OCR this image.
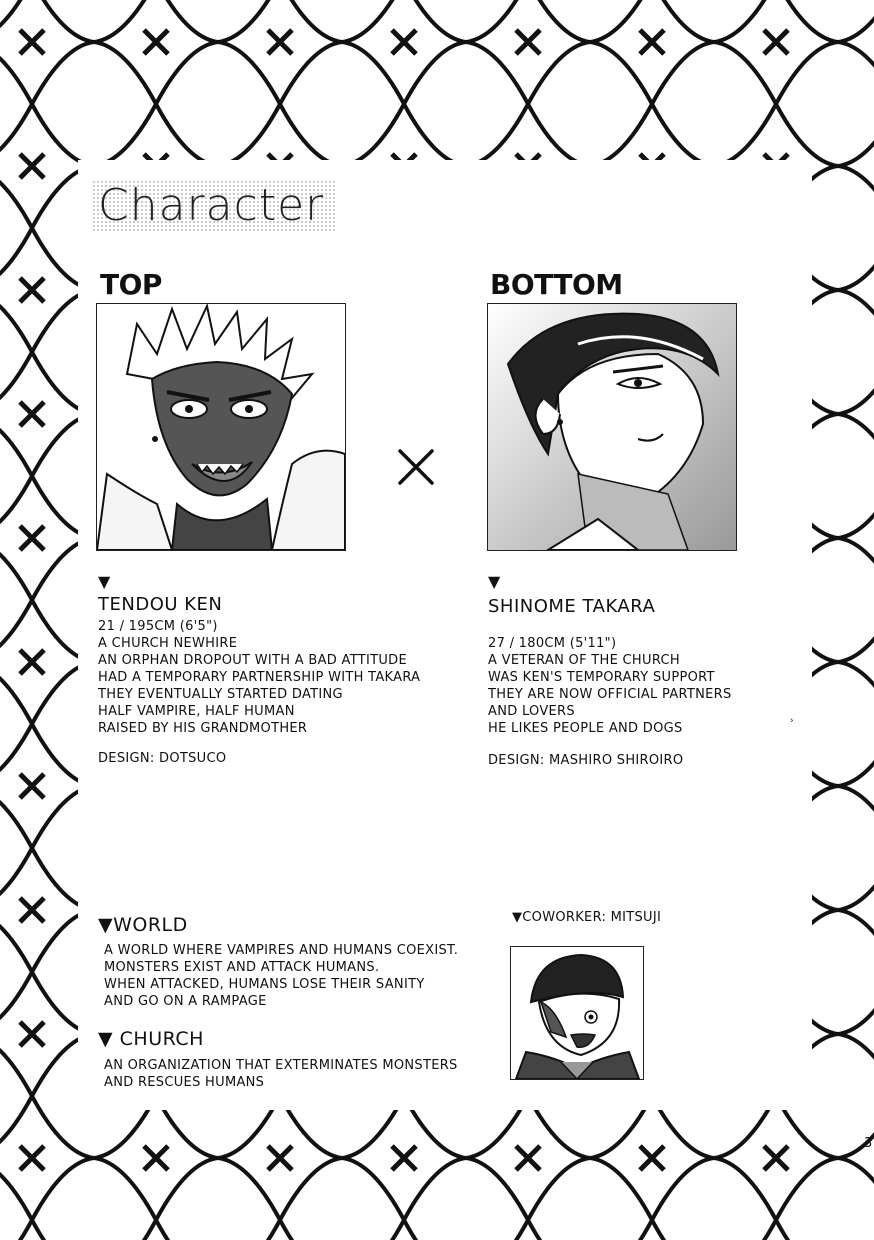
Character
TOP	BOTTOM
▼
TENDOU KEN
21 / 195CM (6'5")
A CHURCH NEWHIRE
AN ORPHAN DROPOUT WITH A BAD ATTITUDE
HAD A TEMPORARY PARTNERSHIP WITH TAKARA
THEY EVENTUALLY STARTED DATING
HALF VAMPIRE, HALF HUMAN
RAISED BY HIS GRANDMOTHER
DESIGN: DOTSUCO
▼
SHINOME TAKARA
27 / 180CM (5'11")
A VETERAN OF THE CHURCH
WAS KEN'S TEMPORARY SUPPORT
THEY ARE NOW OFFICIAL PARTNERS
AND LOVERS
HE LIKES PEOPLE AND DOGS
DESIGN: MASHIRO SHIROIRO
▼WORLD
A WORLD WHERE VAMPIRES AND HUMANS COEXIST.
MONSTERS EXIST AND ATTACK HUMANS.
WHEN ATTACKED, HUMANS LOSE THEIR SANITY
AND GO ON A RAMPAGE
▼ CHURCH
AN ORGANIZATION THAT EXTERMINATES MONSTERS
AND RESCUES HUMANS
▼COWORKER: MITSUJI
›
3
